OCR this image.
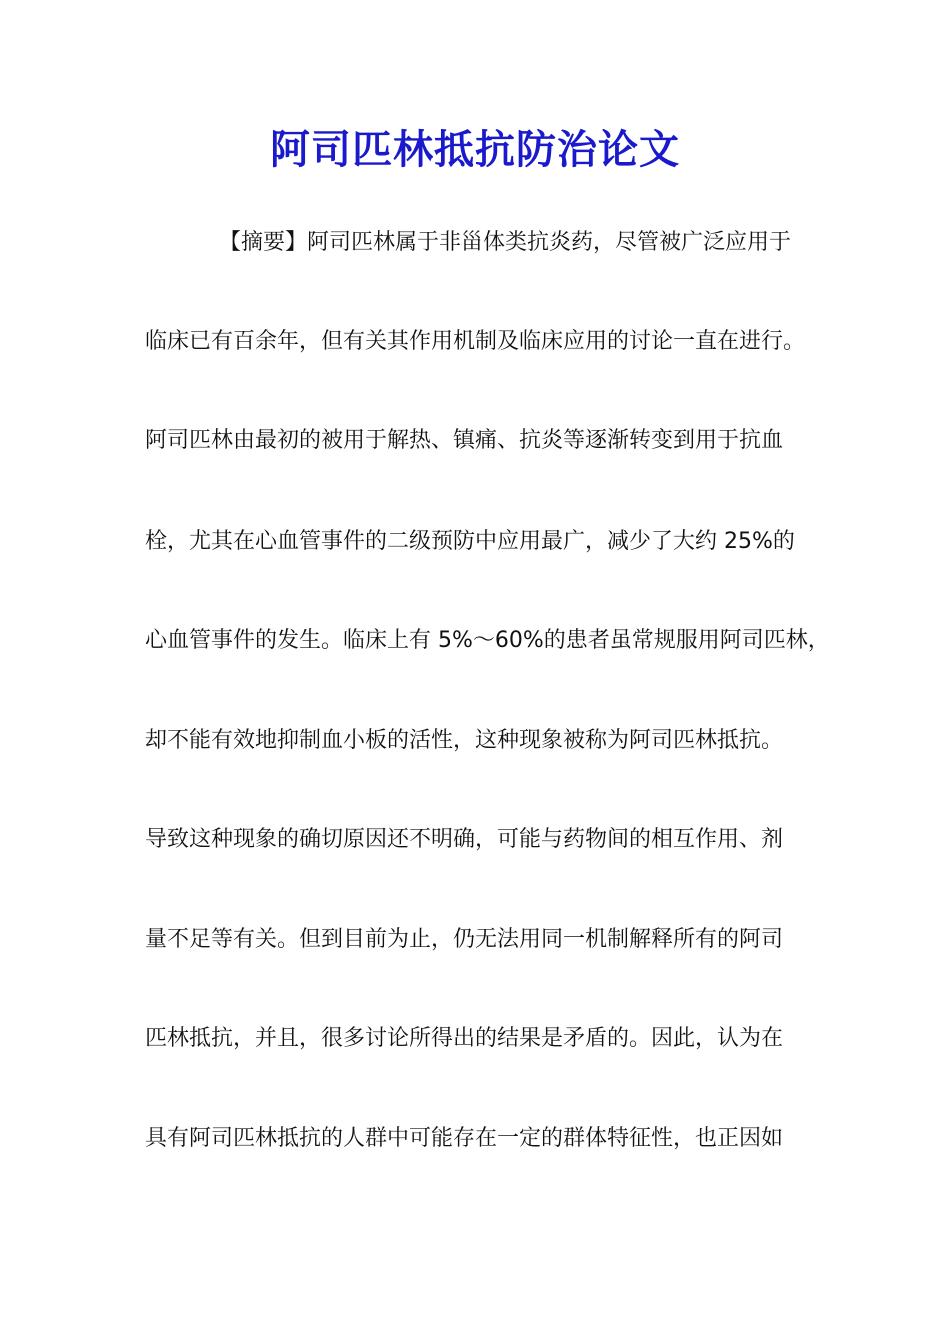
阿司匹林抵抗防治论文

【摘要】阿司匹林属于非甾体类抗炎药，尽管被广泛应用于

临床已有百余年，但有关其作用机制及临床应用的讨论一直在进行。

阿司匹林由最初的被用于解热、镇痛、抗炎等逐渐转变到用于抗血

栓，尤其在心血管事件的二级预防中应用最广，减少了大约 25%的

心血管事件的发生。临床上有 5%～60%的患者虽常规服用阿司匹林，

却不能有效地抑制血小板的活性，这种现象被称为阿司匹林抵抗。

导致这种现象的确切原因还不明确，可能与药物间的相互作用、剂

量不足等有关。但到目前为止，仍无法用同一机制解释所有的阿司

匹林抵抗，并且，很多讨论所得出的结果是矛盾的。因此，认为在

具有阿司匹林抵抗的人群中可能存在一定的群体特征性，也正因如
